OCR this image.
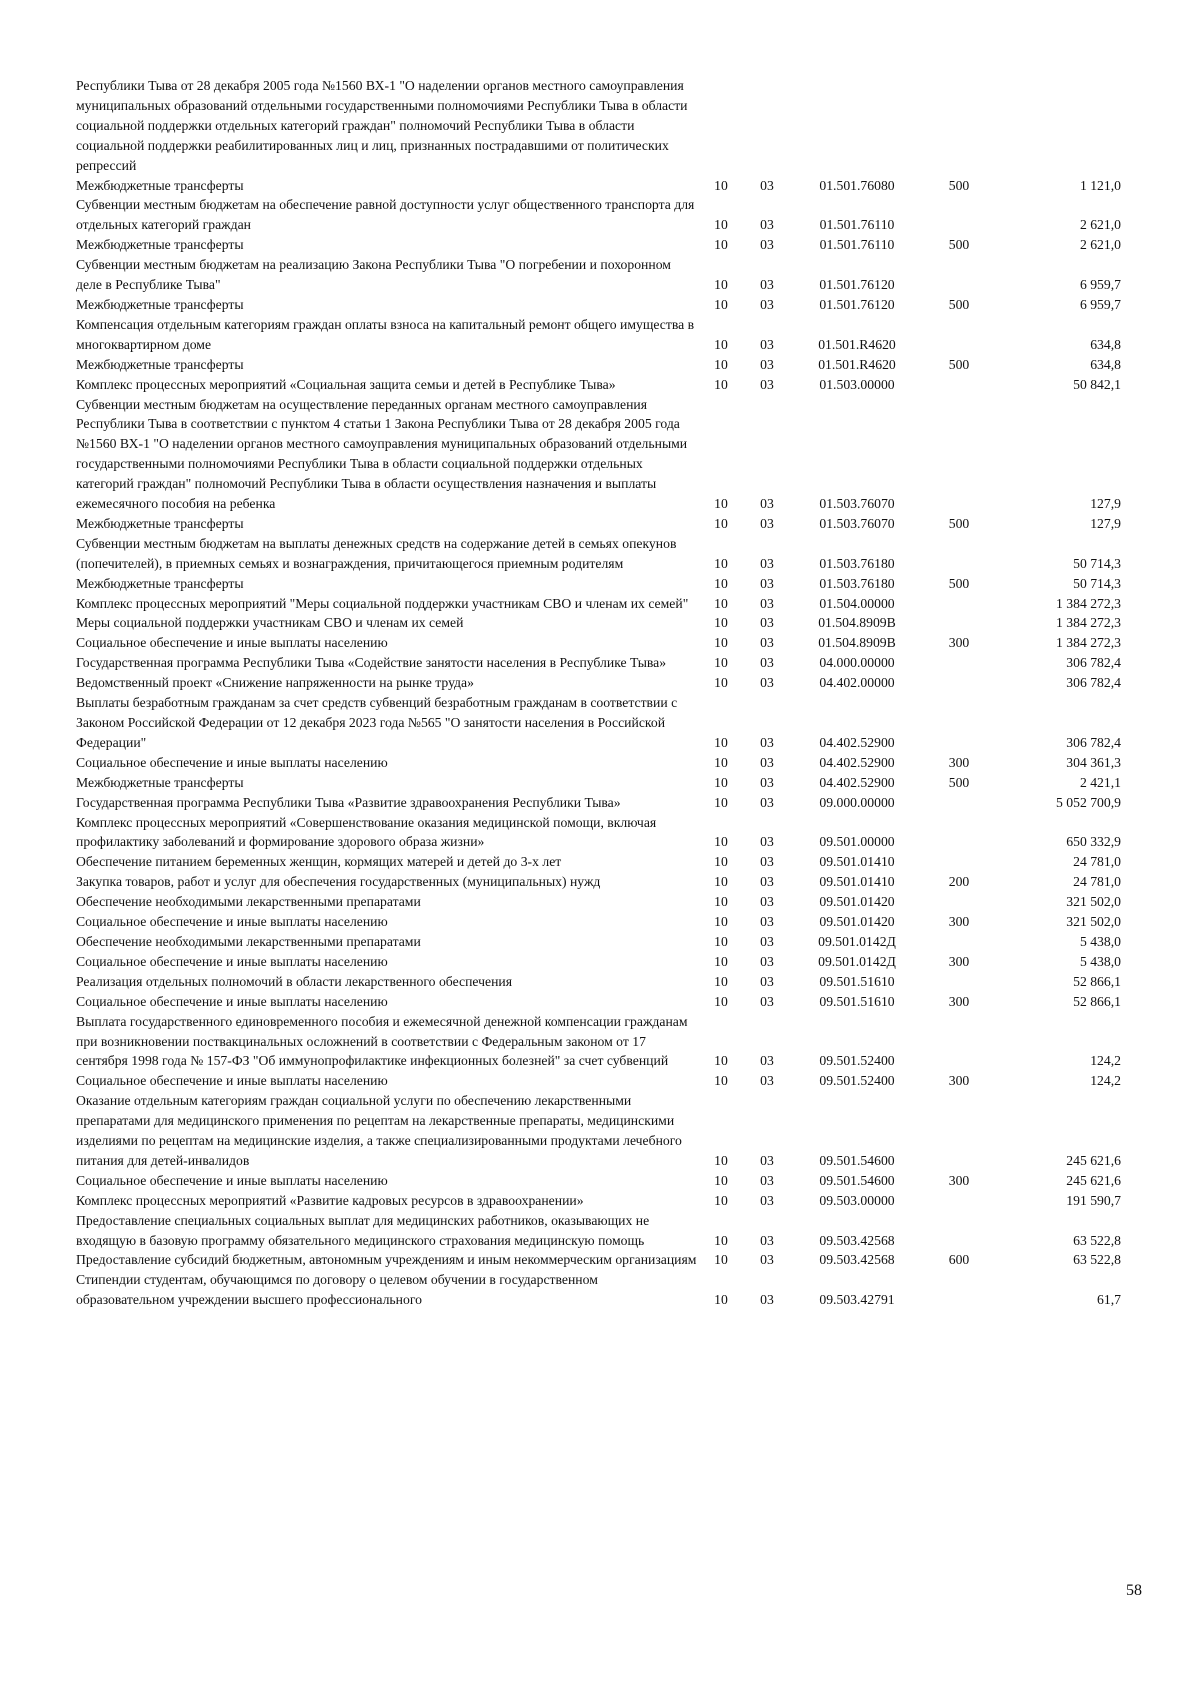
Республики Тыва от 28 декабря 2005 года №1560 ВХ-1 "О наделении органов местного самоуправления муниципальных образований отдельными государственными полномочиями Республики Тыва в области социальной поддержки отдельных категорий граждан" полномочий Республики Тыва в области социальной поддержки реабилитированных лиц и лиц, признанных пострадавшими от политических репрессий					
Межбюджетные трансферты	10	03	01.501.76080	500	1 121,0
Субвенции местным бюджетам на обеспечение равной доступности услуг общественного транспорта для отдельных категорий граждан	10	03	01.501.76110		2 621,0
Межбюджетные трансферты	10	03	01.501.76110	500	2 621,0
Субвенции местным бюджетам на реализацию Закона Республики Тыва "О погребении и похоронном деле в Республике Тыва"	10	03	01.501.76120		6 959,7
Межбюджетные трансферты	10	03	01.501.76120	500	6 959,7
Компенсация отдельным категориям граждан оплаты взноса на капитальный ремонт общего имущества в многоквартирном доме	10	03	01.501.R4620		634,8
Межбюджетные трансферты	10	03	01.501.R4620	500	634,8
Комплекс процессных мероприятий «Социальная защита семьи и детей в Республике Тыва»	10	03	01.503.00000		50 842,1
Субвенции местным бюджетам на осуществление переданных органам местного самоуправления Республики Тыва в соответствии с пунктом 4 статьи 1 Закона Республики Тыва от 28 декабря 2005 года №1560 ВХ-1 "О наделении органов местного самоуправления муниципальных образований отдельными государственными полномочиями Республики Тыва в области социальной поддержки отдельных категорий граждан" полномочий Республики Тыва в области осуществления назначения и выплаты ежемесячного пособия на ребенка	10	03	01.503.76070		127,9
Межбюджетные трансферты	10	03	01.503.76070	500	127,9
Субвенции местным бюджетам на выплаты денежных средств на содержание детей в семьях опекунов (попечителей), в приемных семьях и вознаграждения, причитающегося приемным родителям	10	03	01.503.76180		50 714,3
Межбюджетные трансферты	10	03	01.503.76180	500	50 714,3
Комплекс процессных мероприятий "Меры социальной поддержки участникам СВО и членам их семей"	10	03	01.504.00000		1 384 272,3
Меры социальной поддержки участникам СВО и членам их семей	10	03	01.504.8909В		1 384 272,3
Социальное обеспечение и иные выплаты населению	10	03	01.504.8909В	300	1 384 272,3
Государственная программа Республики Тыва «Содействие занятости населения в Республике Тыва»	10	03	04.000.00000		306 782,4
Ведомственный проект «Снижение напряженности на рынке труда»	10	03	04.402.00000		306 782,4
Выплаты безработным гражданам за счет средств субвенций безработным гражданам в соответствии с Законом Российской Федерации от 12 декабря 2023 года №565 "О занятости населения в Российской Федерации"	10	03	04.402.52900		306 782,4
Социальное обеспечение и иные выплаты населению	10	03	04.402.52900	300	304 361,3
Межбюджетные трансферты	10	03	04.402.52900	500	2 421,1
Государственная программа Республики Тыва «Развитие здравоохранения Республики Тыва»	10	03	09.000.00000		5 052 700,9
Комплекс процессных мероприятий «Совершенствование оказания медицинской помощи, включая профилактику заболеваний и формирование здорового образа жизни»	10	03	09.501.00000		650 332,9
Обеспечение питанием беременных женщин, кормящих матерей и детей до 3-х лет	10	03	09.501.01410		24 781,0
Закупка товаров, работ и услуг для обеспечения государственных (муниципальных) нужд	10	03	09.501.01410	200	24 781,0
Обеспечение необходимыми лекарственными препаратами	10	03	09.501.01420		321 502,0
Социальное обеспечение и иные выплаты населению	10	03	09.501.01420	300	321 502,0
Обеспечение необходимыми лекарственными препаратами	10	03	09.501.0142Д		5 438,0
Социальное обеспечение и иные выплаты населению	10	03	09.501.0142Д	300	5 438,0
Реализация отдельных полномочий в области лекарственного обеспечения	10	03	09.501.51610		52 866,1
Социальное обеспечение и иные выплаты населению	10	03	09.501.51610	300	52 866,1
Выплата государственного единовременного пособия и ежемесячной денежной компенсации гражданам при возникновении поствакцинальных осложнений в соответствии с Федеральным законом от 17 сентября 1998 года № 157-ФЗ "Об иммунопрофилактике инфекционных болезней" за счет субвенций	10	03	09.501.52400		124,2
Социальное обеспечение и иные выплаты населению	10	03	09.501.52400	300	124,2
Оказание отдельным категориям граждан социальной услуги по обеспечению лекарственными препаратами для медицинского применения по рецептам на лекарственные препараты, медицинскими изделиями по рецептам на медицинские изделия, а также специализированными продуктами лечебного питания для детей-инвалидов	10	03	09.501.54600		245 621,6
Социальное обеспечение и иные выплаты населению	10	03	09.501.54600	300	245 621,6
Комплекс процессных мероприятий «Развитие кадровых ресурсов в здравоохранении»	10	03	09.503.00000		191 590,7
Предоставление специальных социальных выплат для медицинских работников, оказывающих не входящую в базовую программу обязательного медицинского страхования медицинскую помощь	10	03	09.503.42568		63 522,8
Предоставление субсидий бюджетным, автономным учреждениям и иным некоммерческим организациям	10	03	09.503.42568	600	63 522,8
Стипендии студентам, обучающимся по договору о целевом обучении в государственном образовательном учреждении высшего профессионального	10	03	09.503.42791		61,7
58
